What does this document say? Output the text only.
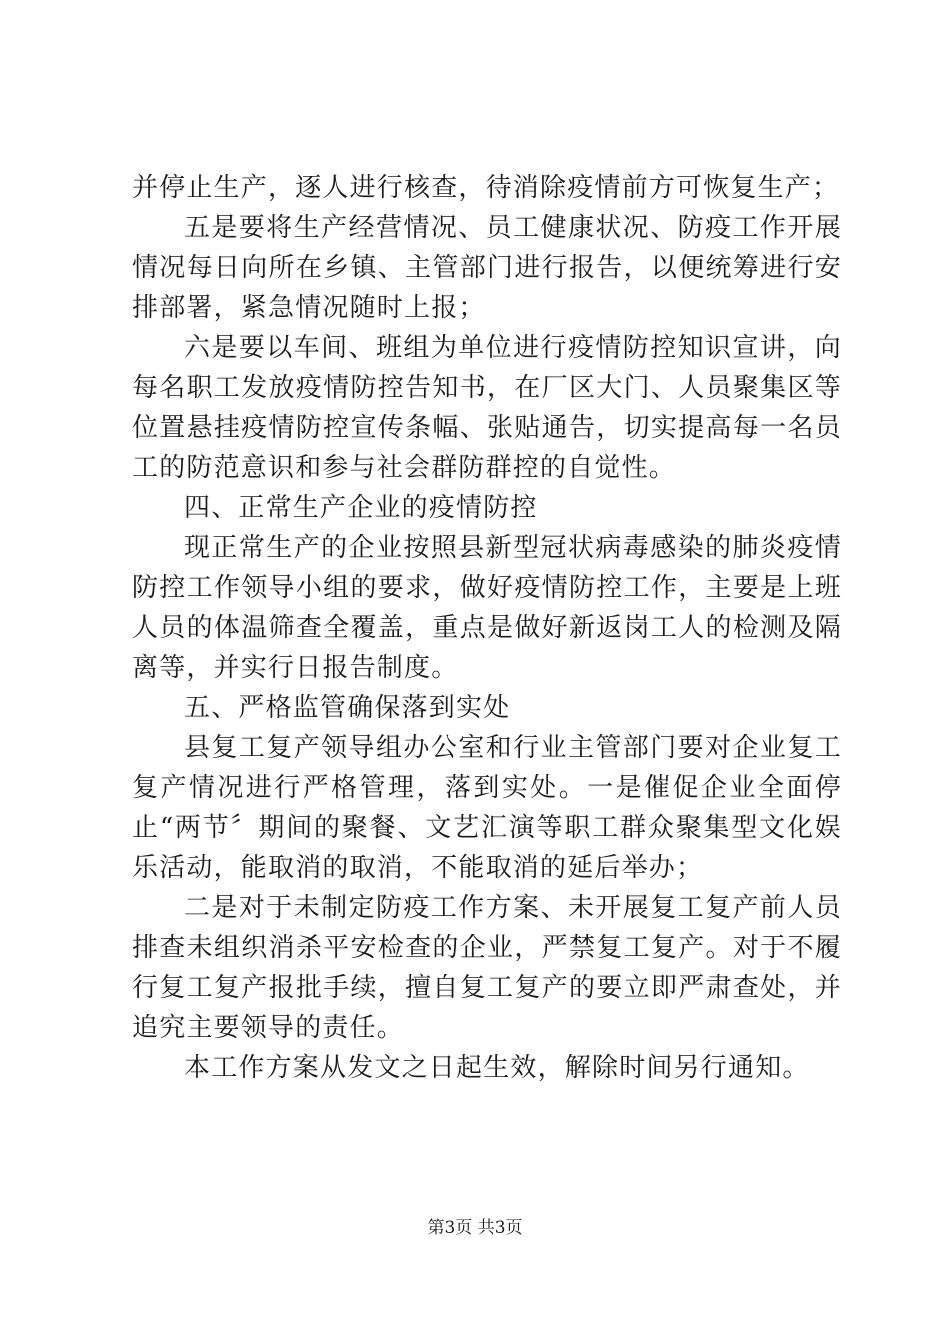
并停止生产，逐人进行核查，待消除疫情前方可恢复生产；

五是要将生产经营情况、员工健康状况、防疫工作开展情况每日向所在乡镇、主管部门进行报告，以便统筹进行安排部署，紧急情况随时上报；

六是要以车间、班组为单位进行疫情防控知识宣讲，向每名职工发放疫情防控告知书，在厂区大门、人员聚集区等位置悬挂疫情防控宣传条幅、张贴通告，切实提高每一名员工的防范意识和参与社会群防群控的自觉性。

四、正常生产企业的疫情防控

现正常生产的企业按照县新型冠状病毒感染的肺炎疫情防控工作领导小组的要求，做好疫情防控工作，主要是上班人员的体温筛查全覆盖，重点是做好新返岗工人的检测及隔离等，并实行日报告制度。

五、严格监管确保落到实处

县复工复产领导组办公室和行业主管部门要对企业复工复产情况进行严格管理，落到实处。一是催促企业全面停止“两节〞期间的聚餐、文艺汇演等职工群众聚集型文化娱乐活动，能取消的取消，不能取消的延后举办；

二是对于未制定防疫工作方案、未开展复工复产前人员排查未组织消杀平安检查的企业，严禁复工复产。对于不履行复工复产报批手续，擅自复工复产的要立即严肃查处，并追究主要领导的责任。

本工作方案从发文之日起生效，解除时间另行通知。

第3页 共3页
